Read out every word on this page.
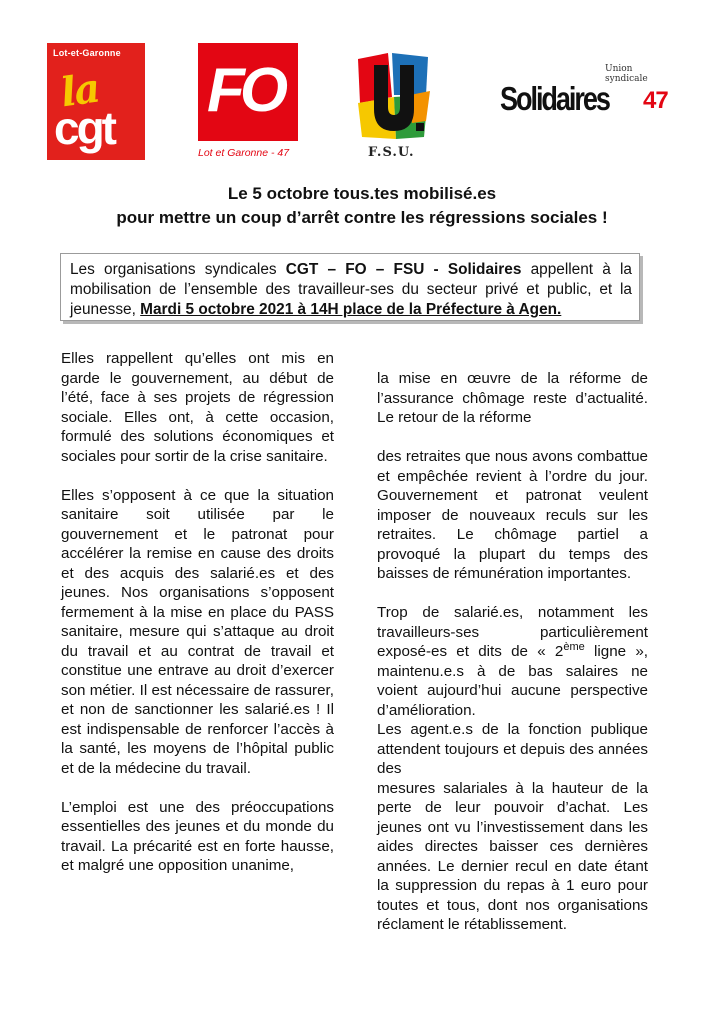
Lot-et-Garonne
la
cgt
FO
Lot et Garonne - 47	F.S.U.
Union
syndicale
Solidaires 47
Le 5 octobre tous.tes mobilisé.es
pour mettre un coup d’arrêt contre les régressions sociales !

Les organisations syndicales CGT – FO – FSU - Solidaires appellent à la mobilisation de l’ensemble des travailleur-ses du secteur privé et public, et la jeunesse, Mardi 5 octobre 2021 à 14H place de la Préfecture à Agen.

Elles rappellent qu’elles ont mis en garde le gouvernement, au début de l’été, face à ses projets de régression sociale. Elles ont, à cette occasion, formulé des solutions économiques et sociales pour sortir de la crise sanitaire.

Elles s’opposent à ce que la situation sanitaire soit utilisée par le gouvernement et le patronat pour accélérer la remise en cause des droits et des acquis des salarié.es et des jeunes. Nos organisations s’opposent fermement à la mise en place du PASS sanitaire, mesure qui s’attaque au droit du travail et au contrat de travail et constitue une entrave au droit d’exercer son métier. Il est nécessaire de rassurer, et non de sanctionner les salarié.es ! Il est indispensable de renforcer l’accès à la santé, les moyens de l’hôpital public et de la médecine du travail.

L’emploi est une des préoccupations essentielles des jeunes et du monde du travail. La précarité est en forte hausse, et malgré une opposition unanime,

la mise en œuvre de la réforme de l’assurance chômage reste d’actualité. Le retour de la réforme

des retraites que nous avons combattue et empêchée revient à l’ordre du jour. Gouvernement et patronat veulent imposer de nouveaux reculs sur les retraites. Le chômage partiel a provoqué la plupart du temps des baisses de rémunération importantes.

Trop de salarié.es, notamment les travailleurs-ses particulièrement exposé-es et dits de « 2ème ligne », maintenu.e.s à de bas salaires ne voient aujourd’hui aucune perspective d’amélioration.

Les agent.e.s de la fonction publique attendent toujours et depuis des années des

mesures salariales à la hauteur de la perte de leur pouvoir d’achat. Les jeunes ont vu l’investissement dans les aides directes baisser ces dernières années. Le dernier recul en date étant la suppression du repas à 1 euro pour toutes et tous, dont nos organisations réclament le rétablissement.
